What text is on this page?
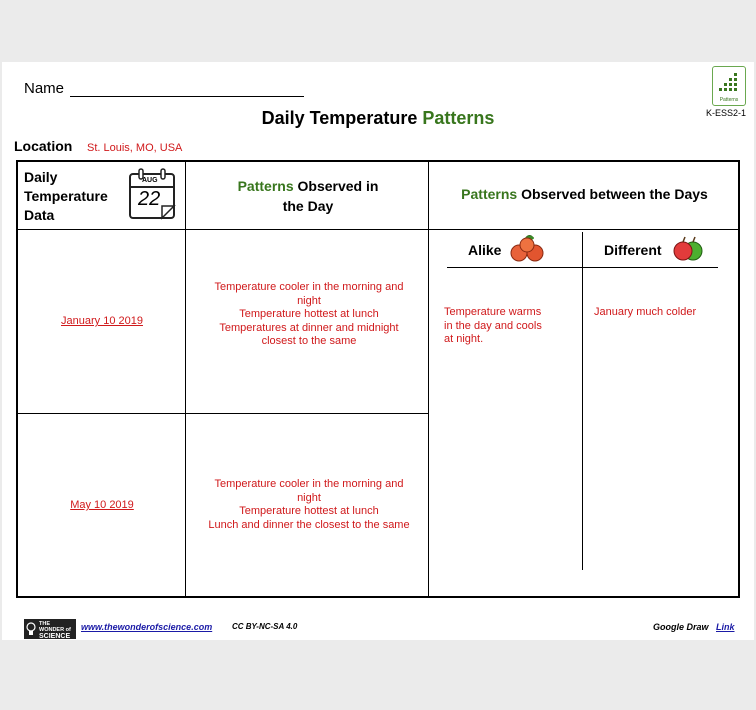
Name
Patterns
K-ESS2-1
Daily Temperature Patterns
Location St. Louis, MO, USA
Daily
Temperature
Data
AUG
22
Patterns Observed in
the Day
Patterns Observed between the Days
Alike	Different
January 10 2019
Temperature cooler in the morning and
night
Temperature hottest at lunch
Temperatures at dinner and midnight
closest to the same
May 10 2019
Temperature cooler in the morning and
night
Temperature hottest at lunch
Lunch and dinner the closest to the same
Temperature warms
in the day and cools
at night.
January much colder
THE
WONDER of
SCIENCE
www.thewonderofscience.com CC BY-NC-SA 4.0	Google Draw Link
